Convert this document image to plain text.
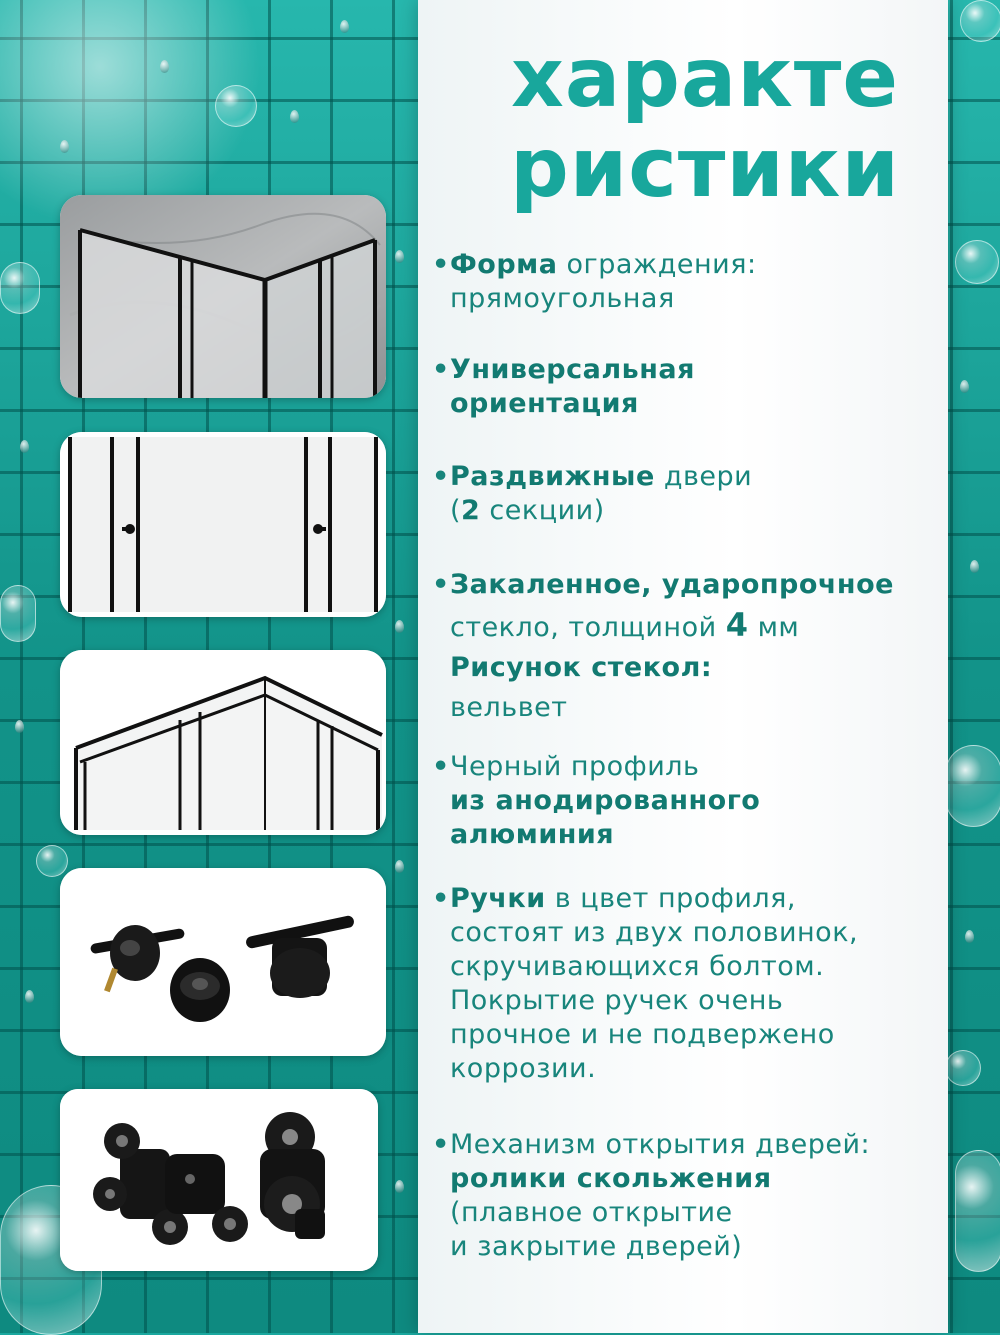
характе
ристики
• Форма ограждения:
прямоугольная
• Универсальная
ориентация
• Раздвижные двери
(2 секции)
• Закаленное, ударопрочное
стекло, толщиной 4 мм
Рисунок стекол:
вельвет
• Черный профиль
из анодированного
алюминия
• Ручки в цвет профиля,
состоят из двух половинок,
скручивающихся болтом.
Покрытие ручек очень
прочное и не подвержено
коррозии.
• Механизм открытия дверей:
ролики скольжения
(плавное открытие
и закрытие дверей)
